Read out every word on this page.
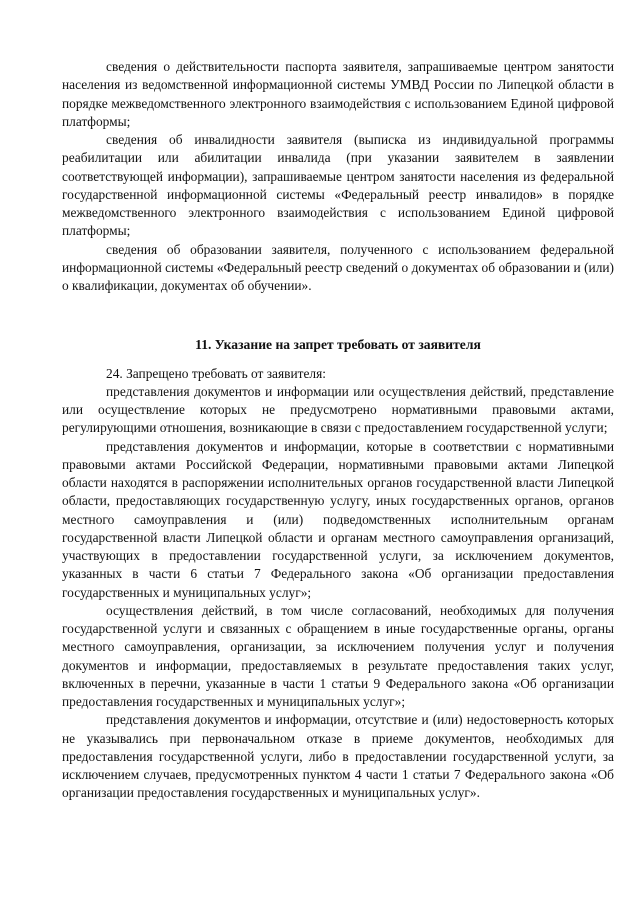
сведения о действительности паспорта заявителя, запрашиваемые центром занятости населения из ведомственной информационной системы УМВД России по Липецкой области в порядке межведомственного электронного взаимодействия с использованием Единой цифровой платформы;

сведения об инвалидности заявителя (выписка из индивидуальной программы реабилитации или абилитации инвалида (при указании заявителем в заявлении соответствующей информации), запрашиваемые центром занятости населения из федеральной государственной информационной системы «Федеральный реестр инвалидов» в порядке межведомственного электронного взаимодействия с использованием Единой цифровой платформы;

сведения об образовании заявителя, полученного с использованием федеральной информационной системы «Федеральный реестр сведений о документах об образовании и (или) о квалификации, документах об обучении».

11. Указание на запрет требовать от заявителя

24. Запрещено требовать от заявителя:

представления документов и информации или осуществления действий, представление или осуществление которых не предусмотрено нормативными правовыми актами, регулирующими отношения, возникающие в связи с предоставлением государственной услуги;

представления документов и информации, которые в соответствии с нормативными правовыми актами Российской Федерации, нормативными правовыми актами Липецкой области находятся в распоряжении исполнительных органов государственной власти Липецкой области, предоставляющих государственную услугу, иных государственных органов, органов местного самоуправления и (или) подведомственных исполнительным органам государственной власти Липецкой области и органам местного самоуправления организаций, участвующих в предоставлении государственной услуги, за исключением документов, указанных в части 6 статьи 7 Федерального закона «Об организации предоставления государственных и муниципальных услуг»;

осуществления действий, в том числе согласований, необходимых для получения государственной услуги и связанных с обращением в иные государственные органы, органы местного самоуправления, организации, за исключением получения услуг и получения документов и информации, предоставляемых в результате предоставления таких услуг, включенных в перечни, указанные в части 1 статьи 9 Федерального закона «Об организации предоставления государственных и муниципальных услуг»;

представления документов и информации, отсутствие и (или) недостоверность которых не указывались при первоначальном отказе в приеме документов, необходимых для предоставления государственной услуги, либо в предоставлении государственной услуги, за исключением случаев, предусмотренных пунктом 4 части 1 статьи 7 Федерального закона «Об организации предоставления государственных и муниципальных услуг».
